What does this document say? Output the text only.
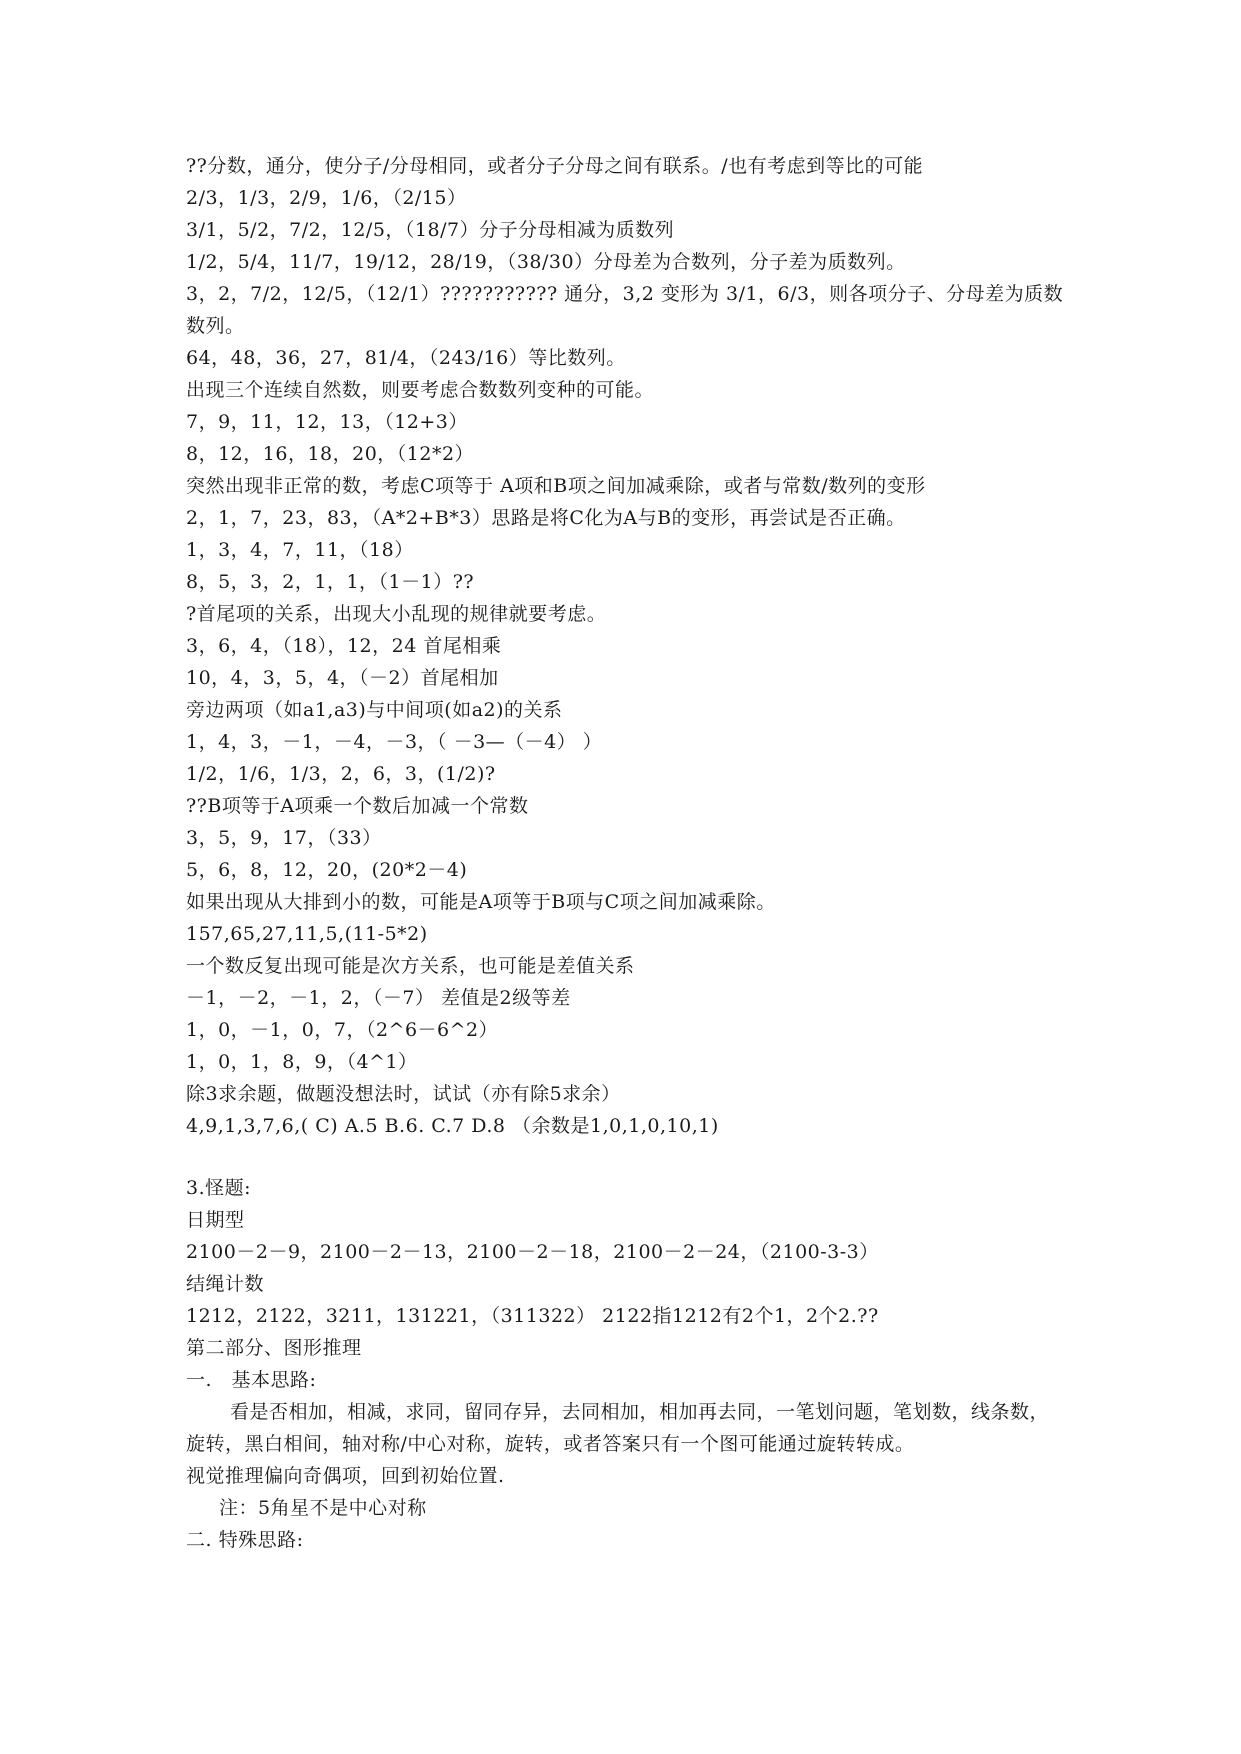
??分数，通分，使分子/分母相同，或者分子分母之间有联系。/也有考虑到等比的可能
2/3，1/3，2/9，1/6，（2/15）
3/1，5/2，7/2，12/5，（18/7）分子分母相减为质数列
1/2，5/4，11/7，19/12，28/19，（38/30）分母差为合数列，分子差为质数列。
3，2，7/2，12/5，（12/1）??????????? 通分，3,2 变形为 3/1，6/3，则各项分子、分母差为质数数列。
64，48，36，27，81/4，（243/16）等比数列。
出现三个连续自然数，则要考虑合数数列变种的可能。
7，9，11，12，13，（12+3）
8，12，16，18，20，（12*2）
突然出现非正常的数，考虑C项等于 A项和B项之间加减乘除，或者与常数/数列的变形
2，1，7，23，83，（A*2+B*3）思路是将C化为A与B的变形，再尝试是否正确。
1，3，4，7，11，（18）
8，5，3，2，1，1，（1－1）??
?首尾项的关系，出现大小乱现的规律就要考虑。
3，6，4，（18），12，24 首尾相乘
10，4，3，5，4，（－2）首尾相加
旁边两项（如a1,a3)与中间项(如a2)的关系
1，4，3，－1，－4，－3，（ －3—（－4） ）
1/2，1/6，1/3，2，6，3，(1/2)?
??B项等于A项乘一个数后加减一个常数
3，5，9，17，（33）
5，6，8，12，20，(20*2－4)
如果出现从大排到小的数，可能是A项等于B项与C项之间加减乘除。
157,65,27,11,5,(11-5*2)
一个数反复出现可能是次方关系，也可能是差值关系
－1，－2，－1，2，（－7） 差值是2级等差
1，0，－1，0，7，（2^6－6^2）
1，0，1，8，9，（4^1）
除3求余题，做题没想法时，试试（亦有除5求余）
4,9,1,3,7,6,( C) A.5 B.6. C.7 D.8 （余数是1,0,1,0,10,1)
3.怪题:
日期型
2100－2－9，2100－2－13，2100－2－18，2100－2－24，（2100-3-3）
结绳计数
1212，2122，3211，131221，（311322） 2122指1212有2个1，2个2.??
第二部分、图形推理
一.　基本思路:
看是否相加，相减，求同，留同存异，去同相加，相加再去同，一笔划问题，笔划数，线条数，旋转，黑白相间，轴对称/中心对称，旋转，或者答案只有一个图可能通过旋转转成。
视觉推理偏向奇偶项，回到初始位置.
注：5角星不是中心对称
二. 特殊思路:
